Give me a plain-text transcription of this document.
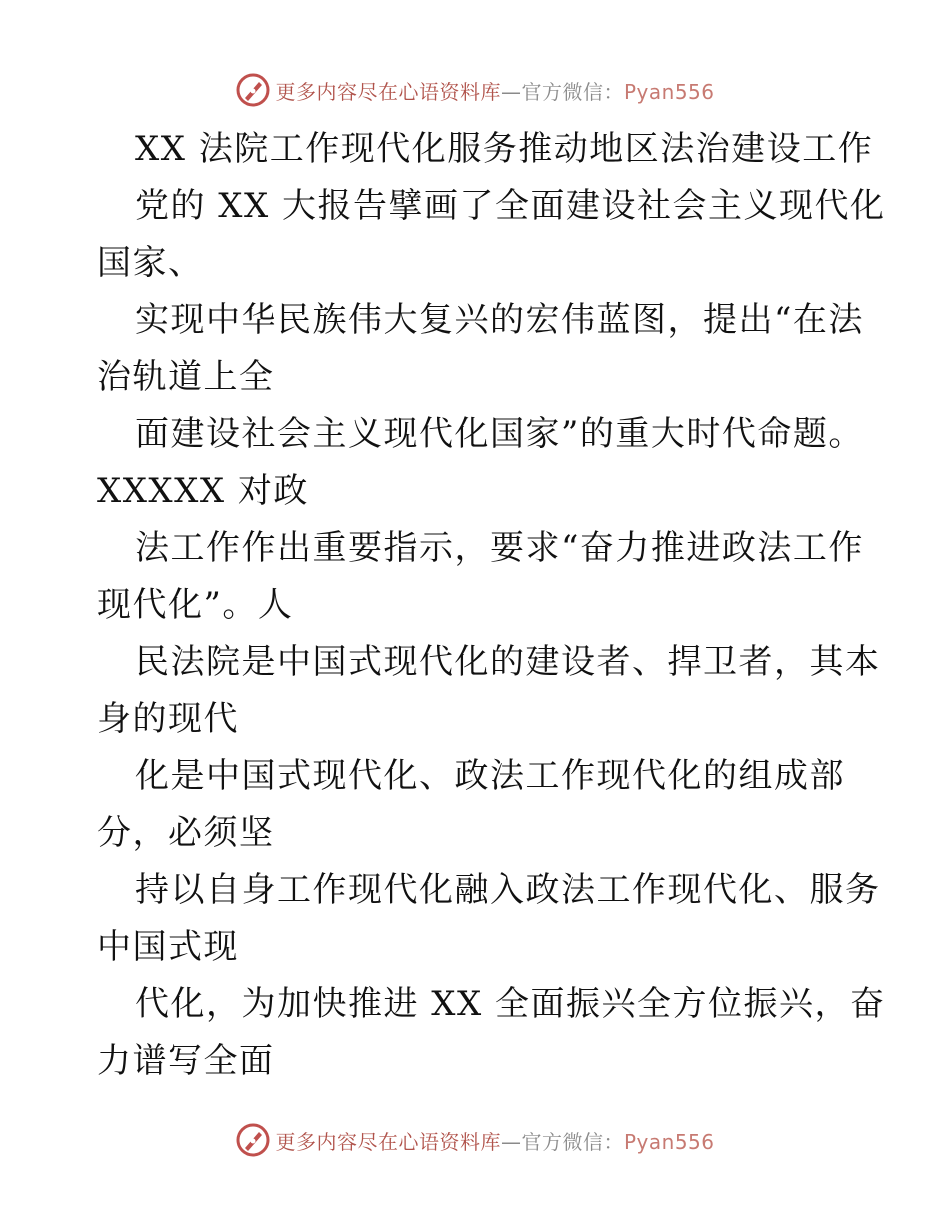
更多内容尽在心语资料库 —官方微信： Pyan556
XX 法院工作现代化服务推动地区法治建设工作
党的 XX 大报告擘画了全面建设社会主义现代化
国家、
实现中华民族伟大复兴的宏伟蓝图，提出“在法
治轨道上全
面建设社会主义现代化国家”的重大时代命题。
XXXXX 对政
法工作作出重要指示，要求“奋力推进政法工作
现代化”。人
民法院是中国式现代化的建设者、捍卫者，其本
身的现代
化是中国式现代化、政法工作现代化的组成部
分，必须坚
持以自身工作现代化融入政法工作现代化、服务
中国式现
代化，为加快推进 XX 全面振兴全方位振兴，奋
力谱写全面
更多内容尽在心语资料库 —官方微信： Pyan556
